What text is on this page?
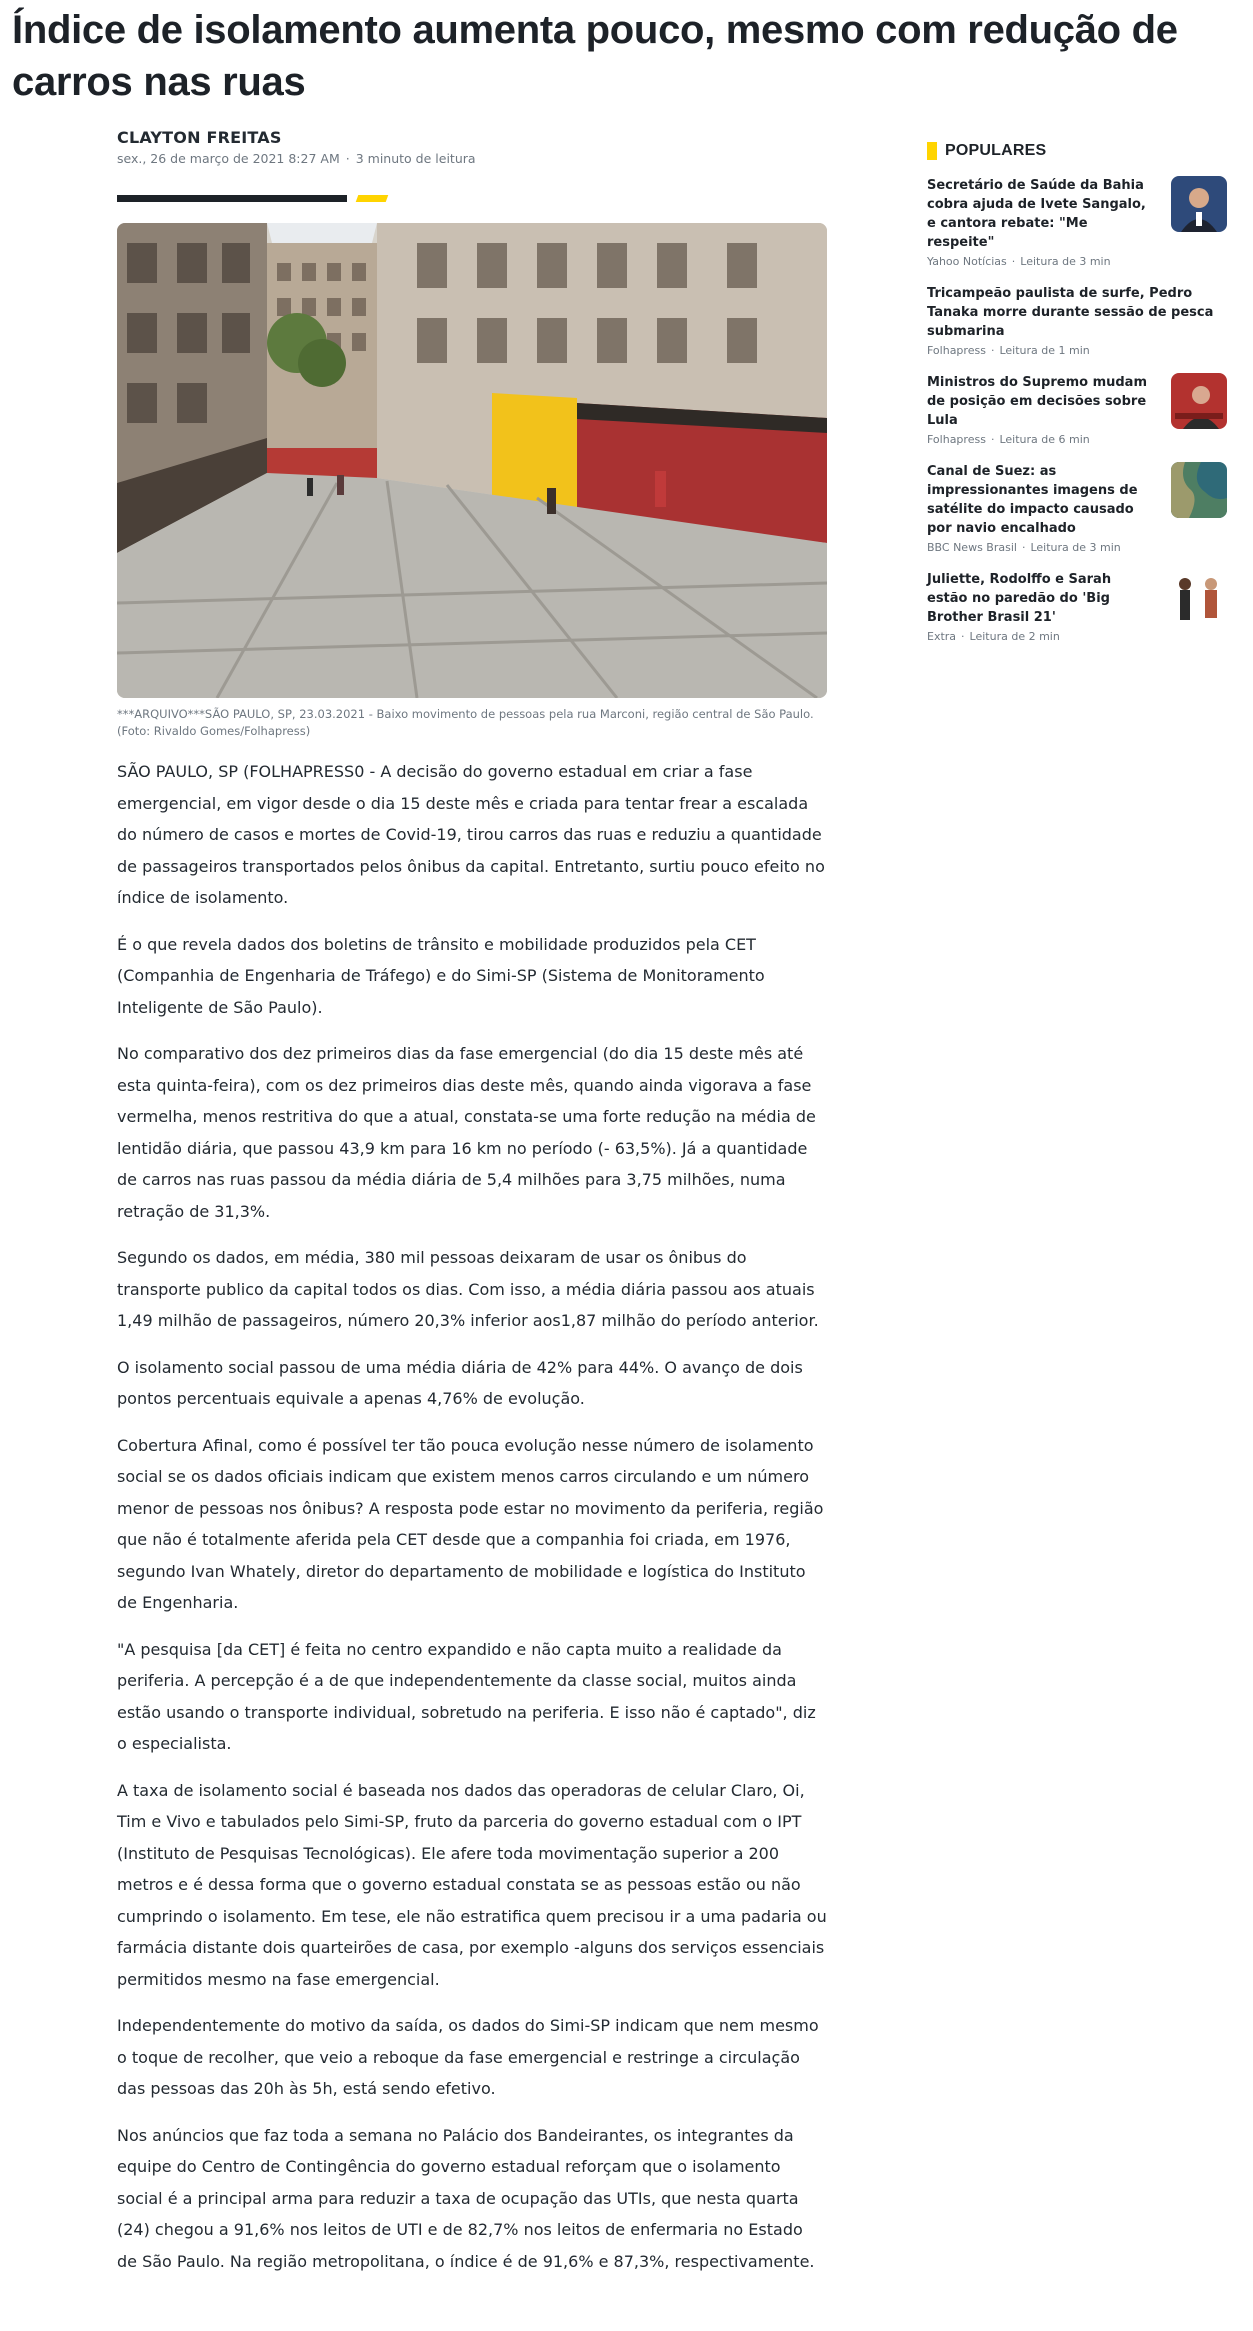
Índice de isolamento aumenta pouco, mesmo com redução de carros nas ruas
CLAYTON FREITAS
sex., 26 de março de 2021 8:27 AM · 3 minuto de leitura

***ARQUIVO***SÃO PAULO, SP, 23.03.2021 - Baixo movimento de pessoas pela rua Marconi, região central de São Paulo. (Foto: Rivaldo Gomes/Folhapress)

SÃO PAULO, SP (FOLHAPRESS0 - A decisão do governo estadual em criar a fase emergencial, em vigor desde o dia 15 deste mês e criada para tentar frear a escalada do número de casos e mortes de Covid-19, tirou carros das ruas e reduziu a quantidade de passageiros transportados pelos ônibus da capital. Entretanto, surtiu pouco efeito no índice de isolamento.

É o que revela dados dos boletins de trânsito e mobilidade produzidos pela CET (Companhia de Engenharia de Tráfego) e do Simi-SP (Sistema de Monitoramento Inteligente de São Paulo).

No comparativo dos dez primeiros dias da fase emergencial (do dia 15 deste mês até esta quinta-feira), com os dez primeiros dias deste mês, quando ainda vigorava a fase vermelha, menos restritiva do que a atual, constata-se uma forte redução na média de lentidão diária, que passou 43,9 km para 16 km no período (- 63,5%). Já a quantidade de carros nas ruas passou da média diária de 5,4 milhões para 3,75 milhões, numa retração de 31,3%.

Segundo os dados, em média, 380 mil pessoas deixaram de usar os ônibus do transporte publico da capital todos os dias. Com isso, a média diária passou aos atuais 1,49 milhão de passageiros, número 20,3% inferior aos1,87 milhão do período anterior.

O isolamento social passou de uma média diária de 42% para 44%. O avanço de dois pontos percentuais equivale a apenas 4,76% de evolução.

Cobertura Afinal, como é possível ter tão pouca evolução nesse número de isolamento social se os dados oficiais indicam que existem menos carros circulando e um número menor de pessoas nos ônibus? A resposta pode estar no movimento da periferia, região que não é totalmente aferida pela CET desde que a companhia foi criada, em 1976, segundo Ivan Whately, diretor do departamento de mobilidade e logística do Instituto de Engenharia.

"A pesquisa [da CET] é feita no centro expandido e não capta muito a realidade da periferia. A percepção é a de que independentemente da classe social, muitos ainda estão usando o transporte individual, sobretudo na periferia. E isso não é captado", diz o especialista.

A taxa de isolamento social é baseada nos dados das operadoras de celular Claro, Oi, Tim e Vivo e tabulados pelo Simi-SP, fruto da parceria do governo estadual com o IPT (Instituto de Pesquisas Tecnológicas). Ele afere toda movimentação superior a 200 metros e é dessa forma que o governo estadual constata se as pessoas estão ou não cumprindo o isolamento. Em tese, ele não estratifica quem precisou ir a uma padaria ou farmácia distante dois quarteirões de casa, por exemplo -alguns dos serviços essenciais permitidos mesmo na fase emergencial.

Independentemente do motivo da saída, os dados do Simi-SP indicam que nem mesmo o toque de recolher, que veio a reboque da fase emergencial e restringe a circulação das pessoas das 20h às 5h, está sendo efetivo.

Nos anúncios que faz toda a semana no Palácio dos Bandeirantes, os integrantes da equipe do Centro de Contingência do governo estadual reforçam que o isolamento social é a principal arma para reduzir a taxa de ocupação das UTIs, que nesta quarta (24) chegou a 91,6% nos leitos de UTI e de 82,7% nos leitos de enfermaria no Estado de São Paulo. Na região metropolitana, o índice é de 91,6% e 87,3%, respectivamente.

POPULARES
Secretário de Saúde da Bahia cobra ajuda de Ivete Sangalo, e cantora rebate: "Me respeite"
Yahoo Notícias · Leitura de 3 min
Tricampeão paulista de surfe, Pedro Tanaka morre durante sessão de pesca submarina
Folhapress · Leitura de 1 min
Ministros do Supremo mudam de posição em decisões sobre Lula
Folhapress · Leitura de 6 min
Canal de Suez: as impressionantes imagens de satélite do impacto causado por navio encalhado
BBC News Brasil · Leitura de 3 min
Juliette, Rodolffo e Sarah estão no paredão do 'Big Brother Brasil 21'
Extra · Leitura de 2 min
